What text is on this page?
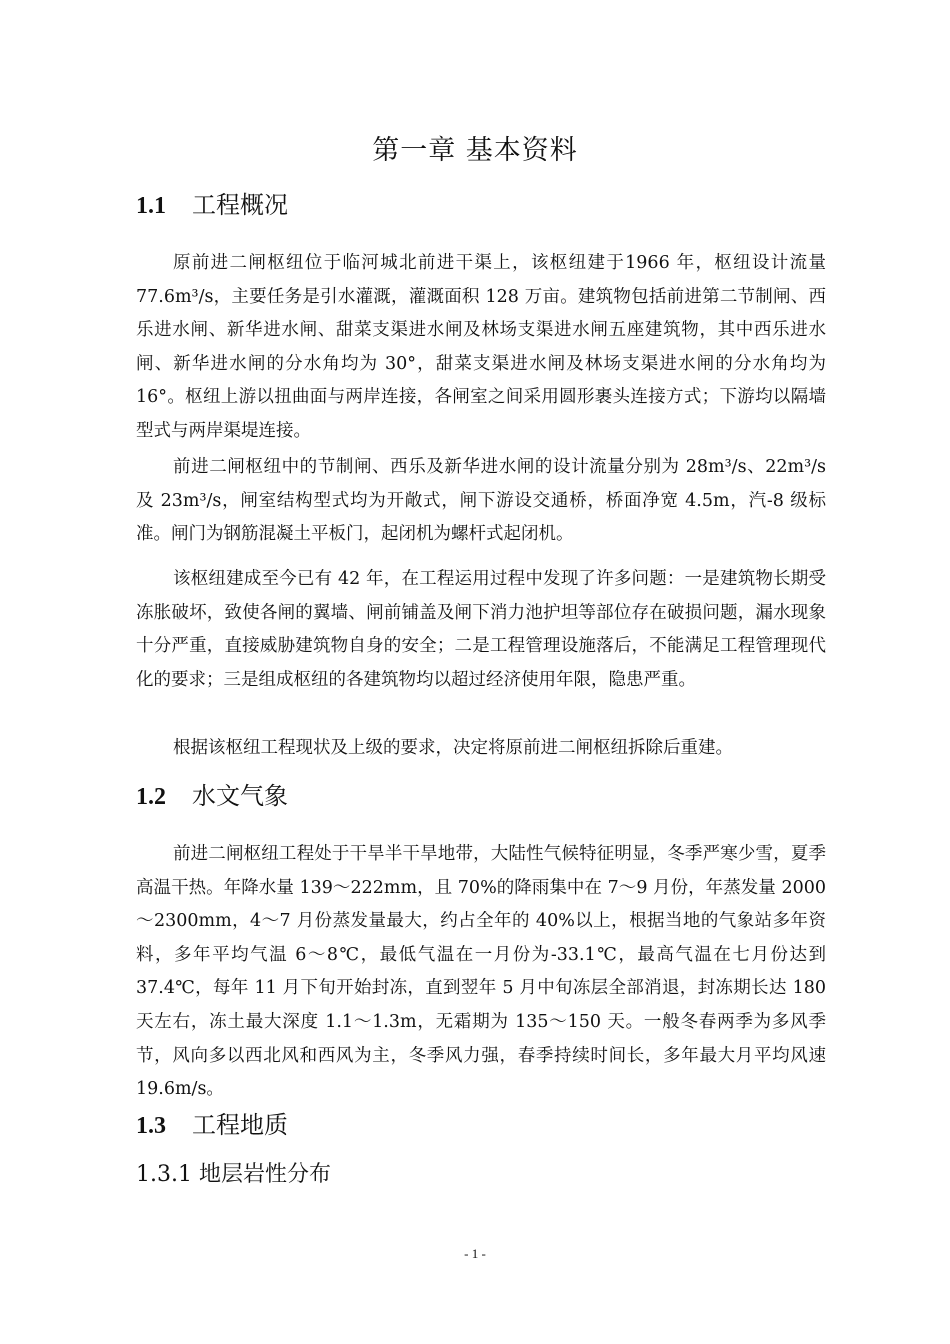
第一章 基本资料
1.1 工程概况

原前进二闸枢纽位于临河城北前进干渠上，该枢纽建于1966 年，枢纽设计流量 77.6m³/s，主要任务是引水灌溉，灌溉面积 128 万亩。建筑物包括前进第二节制闸、西乐进水闸、新华进水闸、甜菜支渠进水闸及林场支渠进水闸五座建筑物，其中西乐进水闸、新华进水闸的分水角均为 30°，甜菜支渠进水闸及林场支渠进水闸的分水角均为 16°。枢纽上游以扭曲面与两岸连接，各闸室之间采用圆形裹头连接方式；下游均以隔墙型式与两岸渠堤连接。

前进二闸枢纽中的节制闸、西乐及新华进水闸的设计流量分别为 28m³/s、22m³/s 及 23m³/s，闸室结构型式均为开敞式，闸下游设交通桥，桥面净宽 4.5m，汽-8 级标准。闸门为钢筋混凝土平板门，起闭机为螺杆式起闭机。

该枢纽建成至今已有 42 年，在工程运用过程中发现了许多问题：一是建筑物长期受冻胀破坏，致使各闸的翼墙、闸前铺盖及闸下消力池护坦等部位存在破损问题，漏水现象十分严重，直接威胁建筑物自身的安全；二是工程管理设施落后，不能满足工程管理现代化的要求；三是组成枢纽的各建筑物均以超过经济使用年限，隐患严重。

根据该枢纽工程现状及上级的要求，决定将原前进二闸枢纽拆除后重建。

1.2 水文气象

前进二闸枢纽工程处于干旱半干旱地带，大陆性气候特征明显，冬季严寒少雪，夏季高温干热。年降水量 139～222mm，且 70%的降雨集中在 7～9 月份，年蒸发量 2000～2300mm，4～7 月份蒸发量最大，约占全年的 40%以上，根据当地的气象站多年资料，多年平均气温 6～8℃，最低气温在一月份为-33.1℃，最高气温在七月份达到 37.4℃，每年 11 月下旬开始封冻，直到翌年 5 月中旬冻层全部消退，封冻期长达 180 天左右，冻土最大深度 1.1～1.3m，无霜期为 135～150 天。一般冬春两季为多风季节，风向多以西北风和西风为主，冬季风力强，春季持续时间长，多年最大月平均风速 19.6m/s。

1.3 工程地质
1.3.1 地层岩性分布
- 1 -
